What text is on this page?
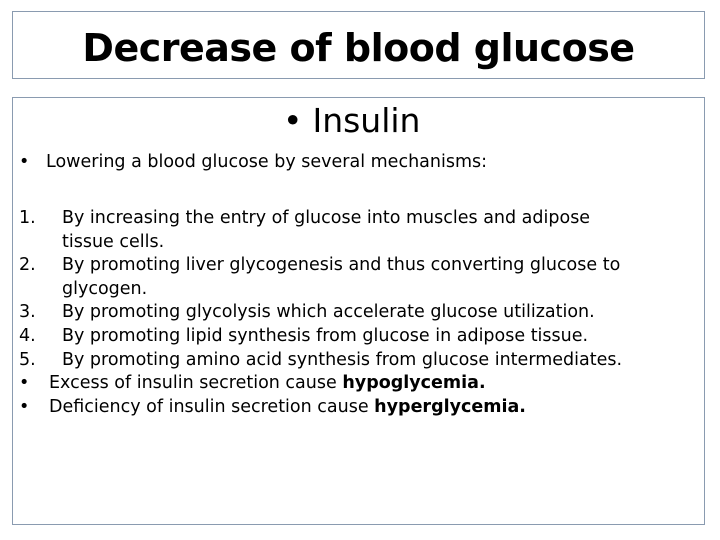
Decrease of blood glucose
• Insulin
• Lowering a blood glucose by several mechanisms:
1. By increasing the entry of glucose into muscles and adipose
tissue cells.
2. By promoting liver glycogenesis and thus converting glucose to
glycogen.
3. By promoting glycolysis which accelerate glucose utilization.
4. By promoting lipid synthesis from glucose in adipose tissue.
5. By promoting amino acid synthesis from glucose intermediates.
• Excess of insulin secretion cause hypoglycemia.
• Deficiency of insulin secretion cause hyperglycemia.
